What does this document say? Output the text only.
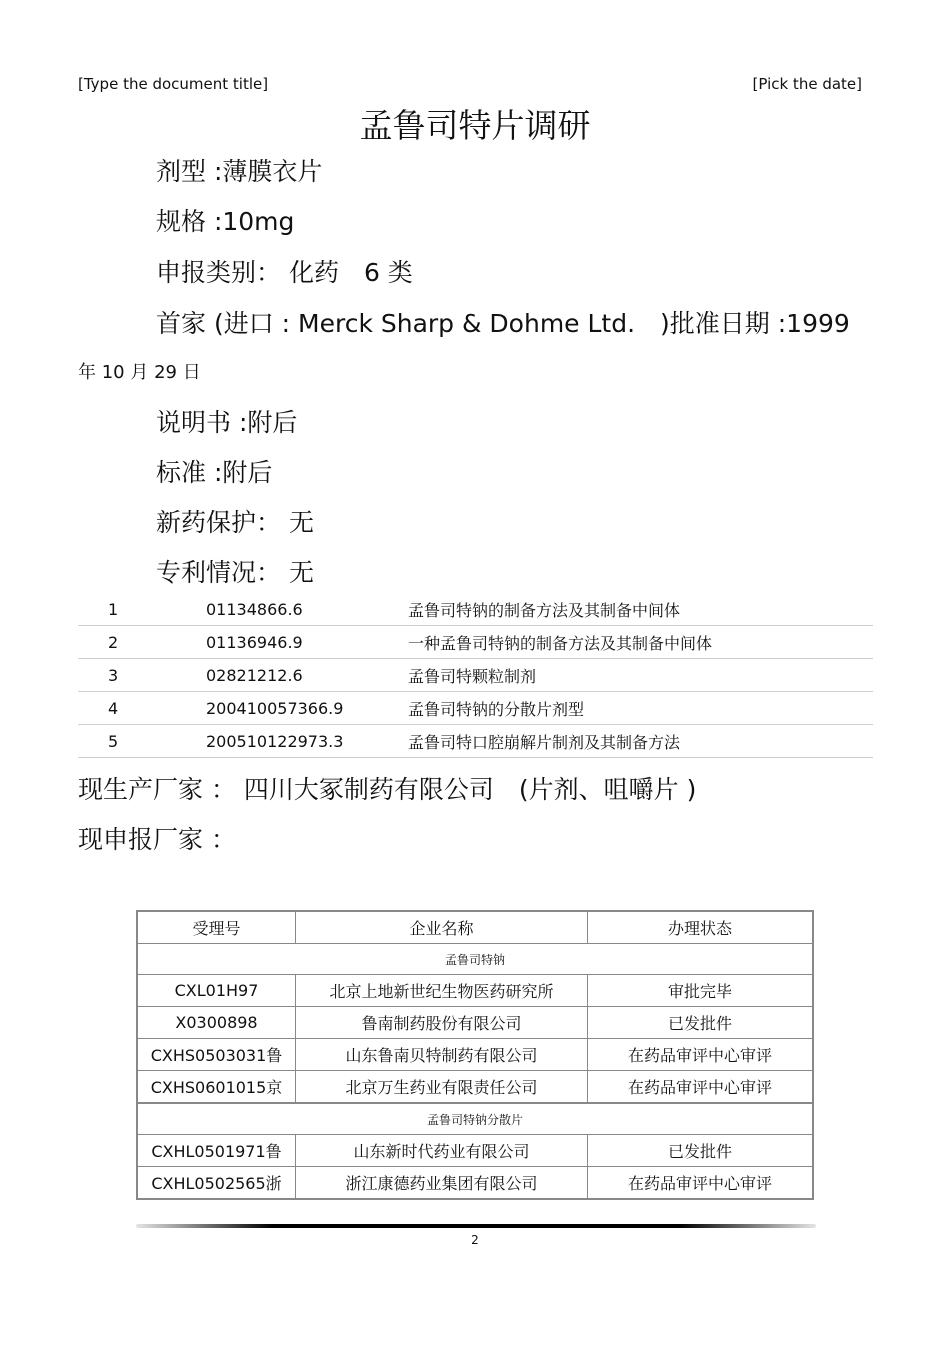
[Type the document title]	[Pick the date]
孟鲁司特片调研
剂型 :薄膜衣片
规格 :10mg
申报类别： 化药　6 类
首家 (进口 : Merck Sharp & Dohme Ltd.　)批准日期 :1999
年 10 月 29 日
说明书 :附后
标准 :附后
新药保护： 无
专利情况： 无
1	01134866.6	孟鲁司特钠的制备方法及其制备中间体
2	01136946.9	一种孟鲁司特钠的制备方法及其制备中间体
3	02821212.6	孟鲁司特颗粒制剂
4	200410057366.9	孟鲁司特钠的分散片剂型
5	200510122973.3	孟鲁司特口腔崩解片制剂及其制备方法
现生产厂家 ： 四川大冢制药有限公司　(片剂、咀嚼片 )
现申报厂家 ：
受理号	企业名称	办理状态
孟鲁司特钠		
CXL01H97	北京上地新世纪生物医药研究所	审批完毕
X0300898	鲁南制药股份有限公司	已发批件
CXHS0503031鲁	山东鲁南贝特制药有限公司	在药品审评中心审评
CXHS0601015京	北京万生药业有限责任公司	在药品审评中心审评
孟鲁司特钠分散片		
CXHL0501971鲁	山东新时代药业有限公司	已发批件
CXHL0502565浙	浙江康德药业集团有限公司	在药品审评中心审评
2
